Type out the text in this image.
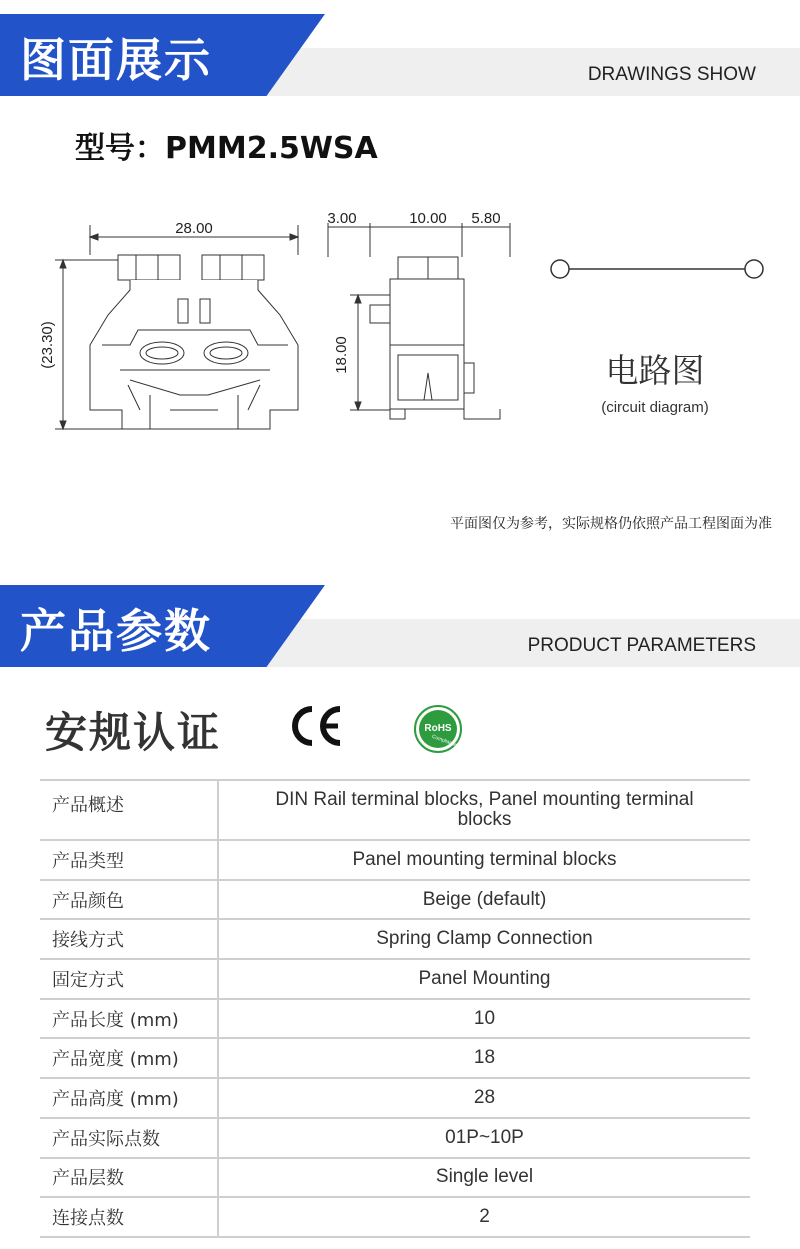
图面展示	DRAWINGS SHOW
型号：PMM2.5WSA
28.00
(23.30)
3.00	10.00 5.80
18.00	电路图
(circuit diagram)
平面图仅为参考，实际规格仍依照产品工程图面为准
产品参数	PRODUCT PARAMETERS
安规认证	RoHS
Compliance
产品概述	DIN Rail terminal blocks, Panel mounting terminal blocks
产品类型	Panel mounting terminal blocks
产品颜色	Beige (default)
接线方式	Spring Clamp Connection
固定方式	Panel Mounting
产品长度 (mm)	10
产品宽度 (mm)	18
产品高度 (mm)	28
产品实际点数	01P~10P
产品层数	Single level
连接点数	2
